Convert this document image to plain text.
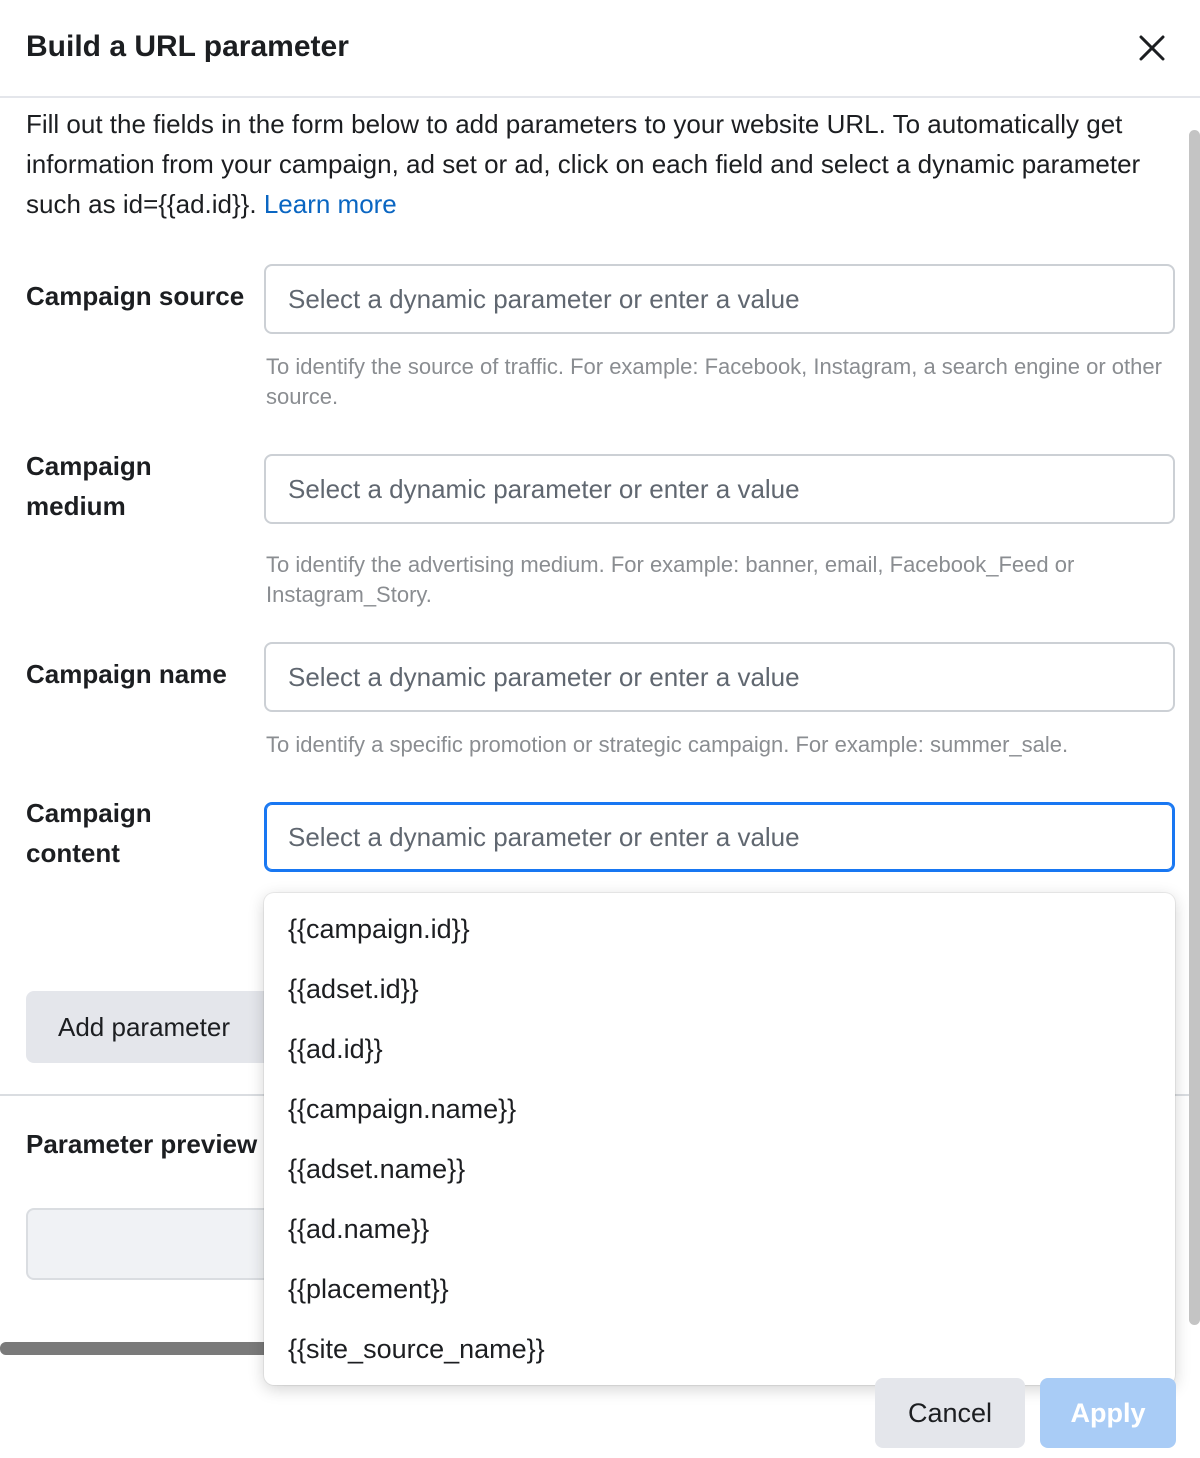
Build a URL parameter
Fill out the fields in the form below to add parameters to your website URL. To automatically get information from your campaign, ad set or ad, click on each field and select a dynamic parameter such as id={{ad.id}}. Learn more
Campaign source
Select a dynamic parameter or enter a value
To identify the source of traffic. For example: Facebook, Instagram, a search engine or other source.
Campaign
medium
Select a dynamic parameter or enter a value
To identify the advertising medium. For example: banner, email, Facebook_Feed or Instagram_Story.
Campaign name
Select a dynamic parameter or enter a value
To identify a specific promotion or strategic campaign. For example: summer_sale.
Campaign
content
Select a dynamic parameter or enter a value
Add parameter
Parameter preview
{{campaign.id}}
{{adset.id}}
{{ad.id}}
{{campaign.name}}
{{adset.name}}
{{ad.name}}
{{placement}}
{{site_source_name}}
Cancel	Apply
